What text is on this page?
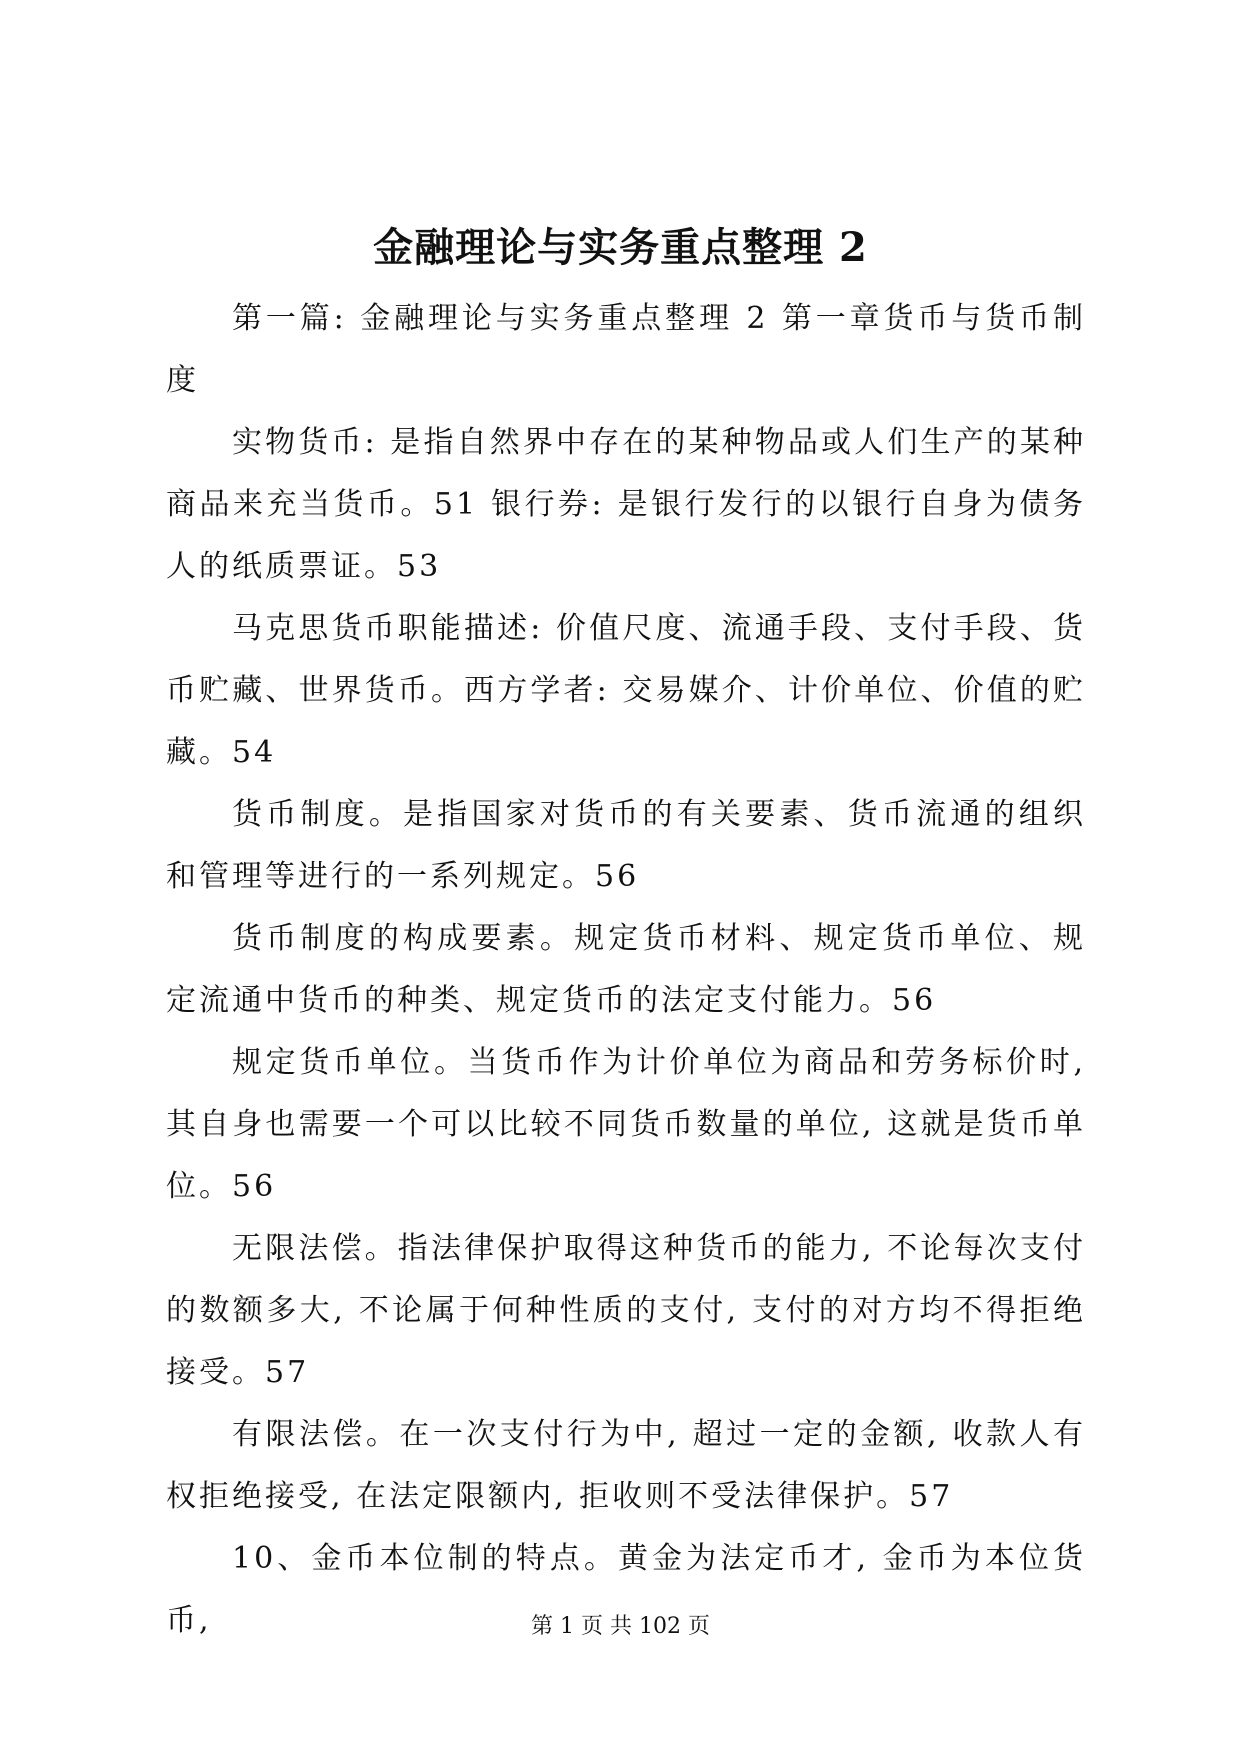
金融理论与实务重点整理 2

第一篇: 金融理论与实务重点整理 2 第一章货币与货币制度

实物货币: 是指自然界中存在的某种物品或人们生产的某种商品来充当货币。51 银行券: 是银行发行的以银行自身为债务人的纸质票证。53

马克思货币职能描述: 价值尺度、流通手段、支付手段、货币贮藏、世界货币。西方学者: 交易媒介、计价单位、价值的贮藏。54

货币制度。是指国家对货币的有关要素、货币流通的组织和管理等进行的一系列规定。56

货币制度的构成要素。规定货币材料、规定货币单位、规定流通中货币的种类、规定货币的法定支付能力。56

规定货币单位。当货币作为计价单位为商品和劳务标价时, 其自身也需要一个可以比较不同货币数量的单位, 这就是货币单位。56

无限法偿。指法律保护取得这种货币的能力, 不论每次支付的数额多大, 不论属于何种性质的支付, 支付的对方均不得拒绝接受。57

有限法偿。在一次支付行为中, 超过一定的金额, 收款人有权拒绝接受, 在法定限额内, 拒收则不受法律保护。57

10、金币本位制的特点。黄金为法定币才, 金币为本位货币,	第 1 页 共 102 页
